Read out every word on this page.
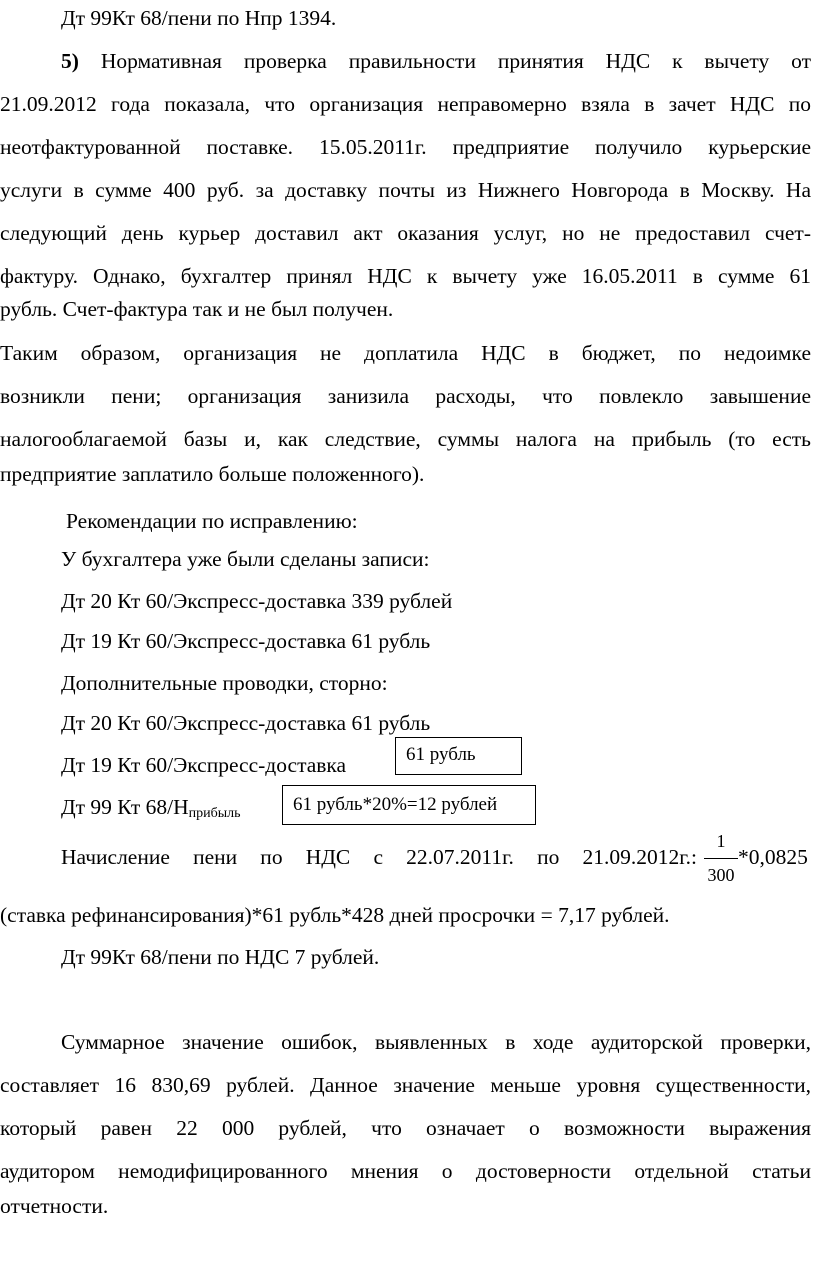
Дт 99Кт 68/пени по Нпр 1394.
5) Нормативная проверка правильности принятия НДС к вычету от
21.09.2012 года показала, что организация неправомерно взяла в зачет НДС по
неотфактурованной поставке. 15.05.2011г. предприятие получило курьерские
услуги в сумме 400 руб. за доставку почты из Нижнего Новгорода в Москву. На
следующий день курьер доставил акт оказания услуг, но не предоставил счет-
фактуру. Однако, бухгалтер принял НДС к вычету уже 16.05.2011 в сумме 61
рубль. Счет-фактура так и не был получен.
Таким образом, организация не доплатила НДС в бюджет, по недоимке
возникли пени; организация занизила расходы, что повлекло завышение
налогооблагаемой базы и, как следствие, суммы налога на прибыль (то есть
предприятие заплатило больше положенного).
Рекомендации по исправлению:
У бухгалтера уже были сделаны записи:
Дт 20 Кт 60/Экспресс-доставка 339 рублей
Дт 19 Кт 60/Экспресс-доставка 61 рубль
Дополнительные проводки, сторно:
Дт 20 Кт 60/Экспресс-доставка 61 рубль
Дт 19 Кт 60/Экспресс-доставка	61 рубль
Дт 99 Кт $68/Н_{прибыль}$	61 рубль*20%=12 рублей
Начисление пени по НДС с 22.07.2011г. по 21.09.2012г.:
1
300
*0,0825
(ставка рефинансирования)*61 рубль*428 дней просрочки = 7,17 рублей.
Дт 99Кт 68/пени по НДС 7 рублей.
Суммарное значение ошибок, выявленных в ходе аудиторской проверки,
составляет 16 830,69 рублей. Данное значение меньше уровня существенности,
который равен 22 000 рублей, что означает о возможности выражения
аудитором немодифицированного мнения о достоверности отдельной статьи
отчетности.
